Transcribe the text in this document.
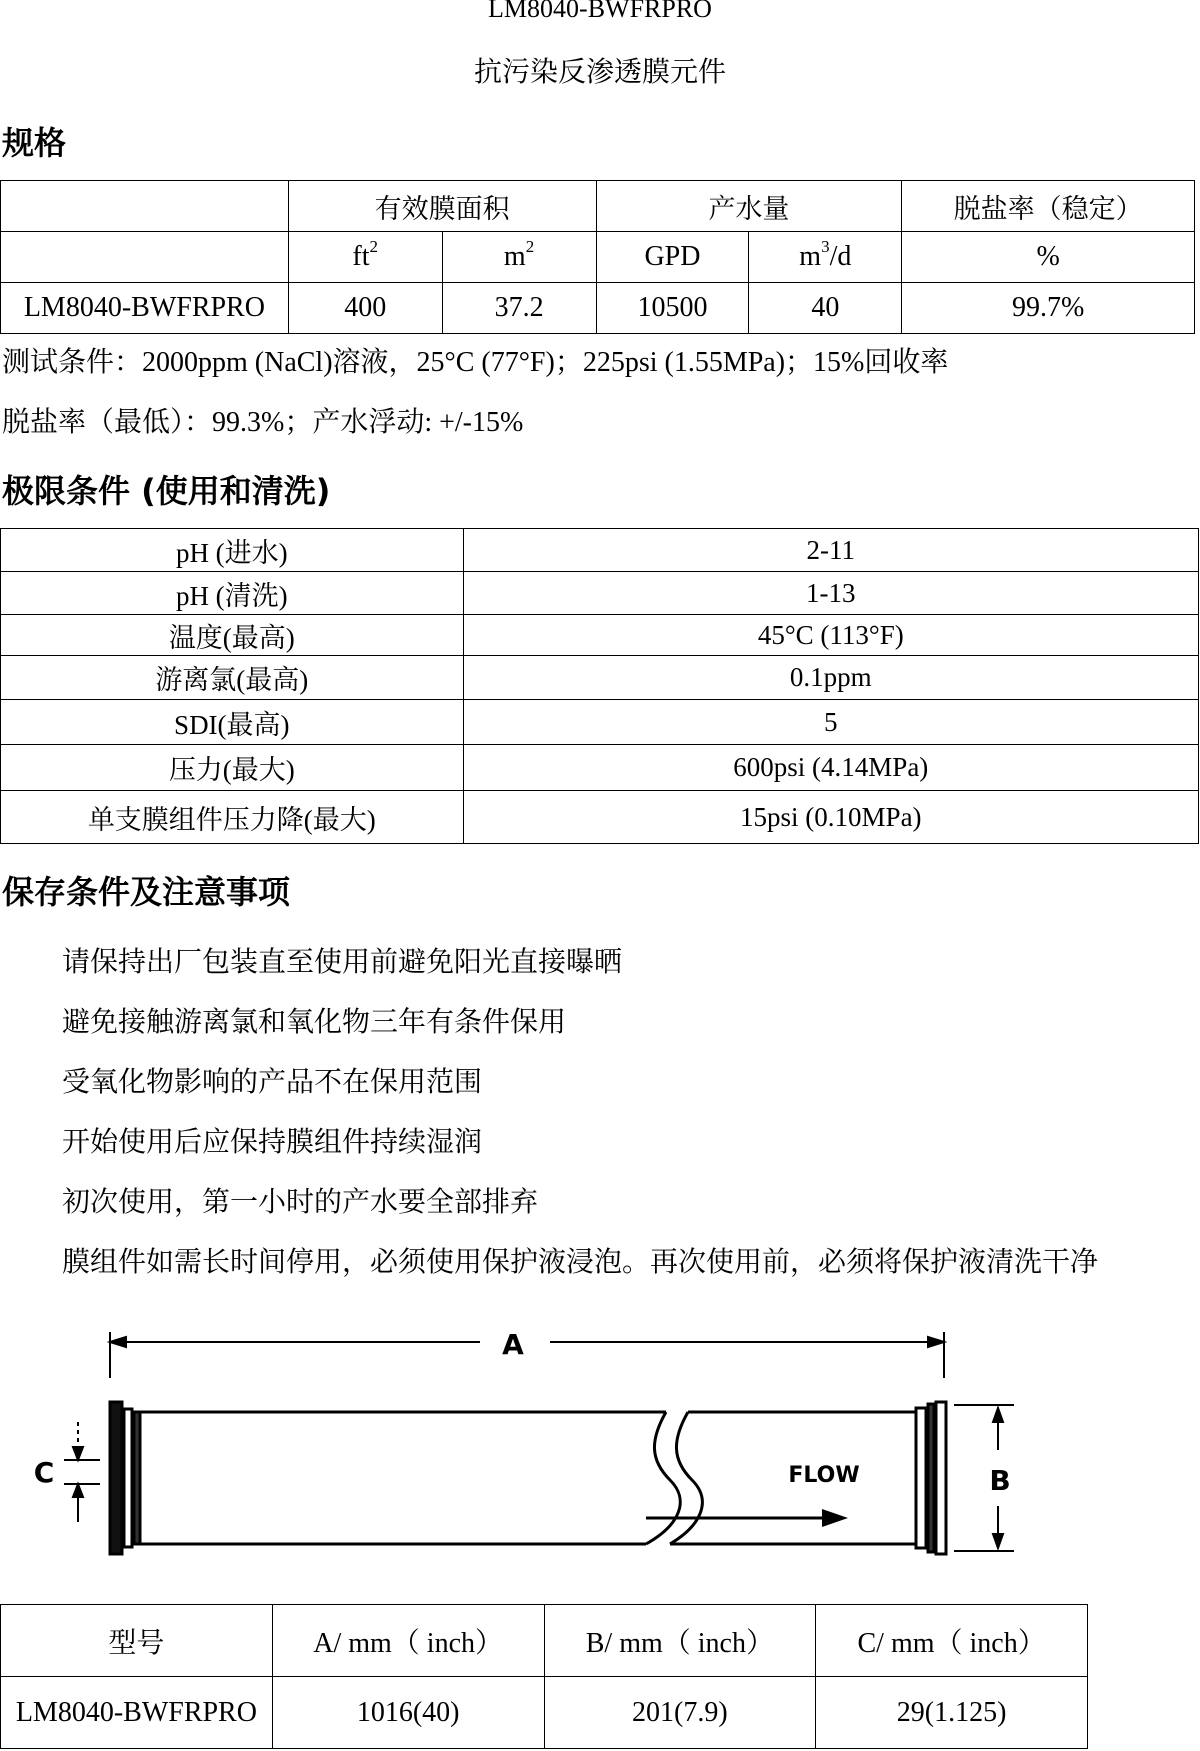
LM8040-BWFRPRO
抗污染反渗透膜元件
规格
	有效膜面积		产水量		脱盐率（稳定）
	$ft^2$	$m^2$	GPD	$m^3/d$	%
LM8040-BWFRPRO	400	37.2	10500	40	99.7%
测试条件：2000ppm (NaCl)溶液，25°C (77°F)；225psi (1.55MPa)；15%回收率
脱盐率（最低）：99.3%；产水浮动: +/-15%
极限条件 (使用和清洗)
pH (进水)	2-11
pH (清洗)	1-13
温度(最高)	45°C (113°F)
游离氯(最高)	0.1ppm
SDI(最高)	5
压力(最大)	600psi (4.14MPa)
单支膜组件压力降(最大)	15psi (0.10MPa)
保存条件及注意事项
请保持出厂包装直至使用前避免阳光直接曝晒
避免接触游离氯和氧化物三年有条件保用
受氧化物影响的产品不在保用范围
开始使用后应保持膜组件持续湿润
初次使用，第一小时的产水要全部排弃
膜组件如需长时间停用，必须使用保护液浸泡。再次使用前，必须将保护液清洗干净
A
FLOW	B
C
型号	A/ mm（ inch）	B/ mm（ inch）	C/ mm（ inch）
LM8040-BWFRPRO	1016(40)	201(7.9)	29(1.125)
